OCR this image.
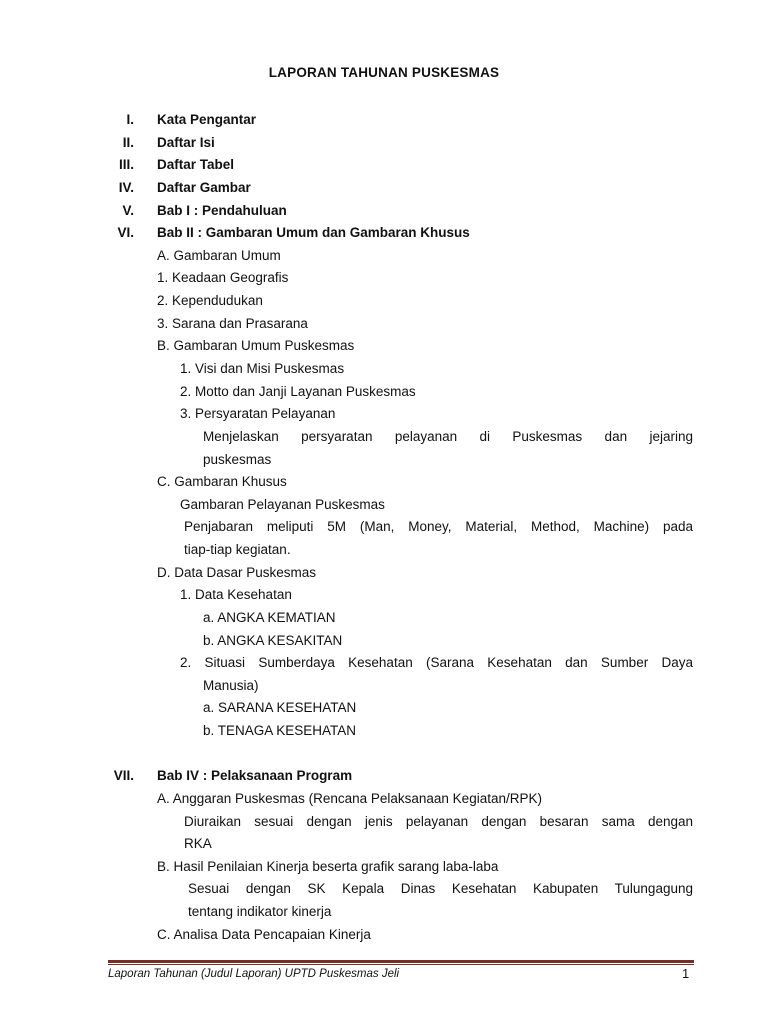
LAPORAN TAHUNAN PUSKESMAS
I. Kata Pengantar
II. Daftar Isi
III. Daftar Tabel
IV. Daftar Gambar
V. Bab I : Pendahuluan
VI. Bab II : Gambaran Umum dan Gambaran Khusus
A. Gambaran Umum
1. Keadaan Geografis
2. Kependudukan
3. Sarana dan Prasarana
B. Gambaran Umum Puskesmas
1. Visi dan Misi Puskesmas
2. Motto dan Janji Layanan Puskesmas
3. Persyaratan Pelayanan
Menjelaskan persyaratan pelayanan di Puskesmas dan jejaring
puskesmas
C. Gambaran Khusus
Gambaran Pelayanan Puskesmas
Penjabaran meliputi 5M (Man, Money, Material, Method, Machine) pada
tiap-tiap kegiatan.
D. Data Dasar Puskesmas
1. Data Kesehatan
a. ANGKA KEMATIAN
b. ANGKA KESAKITAN
2. Situasi Sumberdaya Kesehatan (Sarana Kesehatan dan Sumber Daya
Manusia)
a. SARANA KESEHATAN
b. TENAGA KESEHATAN
VII. Bab IV : Pelaksanaan Program
A. Anggaran Puskesmas (Rencana Pelaksanaan Kegiatan/RPK)
Diuraikan sesuai dengan jenis pelayanan dengan besaran sama dengan
RKA
B. Hasil Penilaian Kinerja beserta grafik sarang laba-laba
Sesuai dengan SK Kepala Dinas Kesehatan Kabupaten Tulungagung
tentang indikator kinerja
C. Analisa Data Pencapaian Kinerja
Laporan Tahunan (Judul Laporan) UPTD Puskesmas Jeli	1
